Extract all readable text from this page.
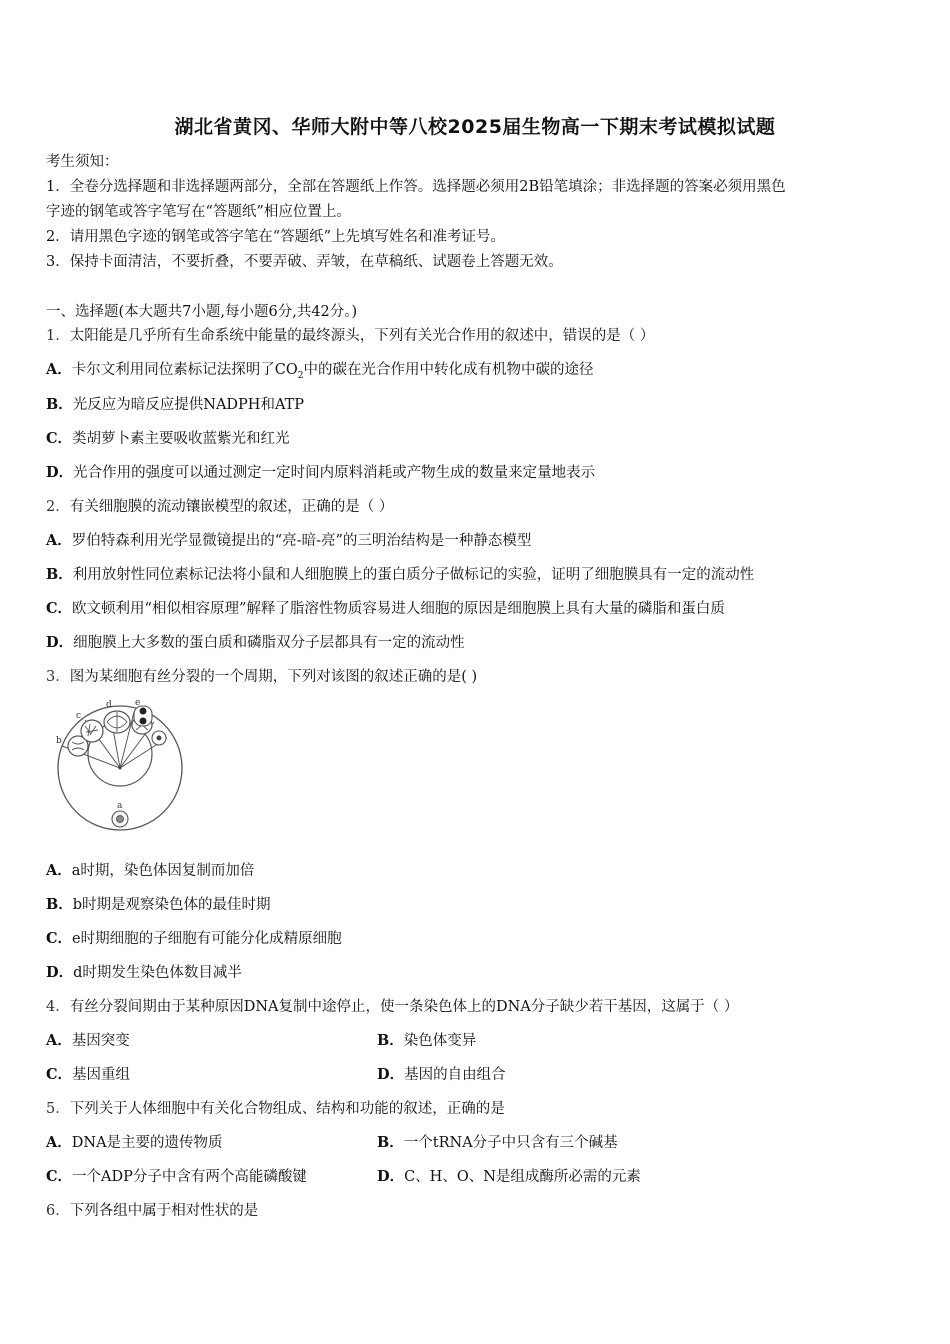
湖北省黄冈、华师大附中等八校2025届生物高一下期末考试模拟试题
考生须知：
1．全卷分选择题和非选择题两部分，全部在答题纸上作答。选择题必须用2B铅笔填涂；非选择题的答案必须用黑色
字迹的钢笔或答字笔写在“答题纸”相应位置上。
2．请用黑色字迹的钢笔或答字笔在“答题纸”上先填写姓名和准考证号。
3．保持卡面清洁，不要折叠，不要弄破、弄皱，在草稿纸、试题卷上答题无效。
一、选择题(本大题共7小题,每小题6分,共42分。)
1．太阳能是几乎所有生命系统中能量的最终源头，下列有关光合作用的叙述中，错误的是（ ）
A．卡尔文利用同位素标记法探明了$CO_2$中的碳在光合作用中转化成有机物中碳的途径
B．光反应为暗反应提供NADPH和ATP
C．类胡萝卜素主要吸收蓝紫光和红光
D．光合作用的强度可以通过测定一定时间内原料消耗或产物生成的数量来定量地表示
2．有关细胞膜的流动镶嵌模型的叙述，正确的是（ ）
A．罗伯特森利用光学显微镜提出的“亮-暗-亮”的三明治结构是一种静态模型
B．利用放射性同位素标记法将小鼠和人细胞膜上的蛋白质分子做标记的实验，证明了细胞膜具有一定的流动性
C．欧文顿利用“相似相容原理”解释了脂溶性物质容易进人细胞的原因是细胞膜上具有大量的磷脂和蛋白质
D．细胞膜上大多数的蛋白质和磷脂双分子层都具有一定的流动性
3．图为某细胞有丝分裂的一个周期，下列对该图的叙述正确的是( )
b
c
d	e
a
A．a时期，染色体因复制而加倍
B．b时期是观察染色体的最佳时期
C．e时期细胞的子细胞有可能分化成精原细胞
D．d时期发生染色体数目减半
4．有丝分裂间期由于某种原因DNA复制中途停止，使一条染色体上的DNA分子缺少若干基因，这属于（ ）
A．基因突变	B．染色体变异
C．基因重组	D．基因的自由组合
5．下列关于人体细胞中有关化合物组成、结构和功能的叙述，正确的是
A．DNA是主要的遗传物质	B．一个tRNA分子中只含有三个碱基
C．一个ADP分子中含有两个高能磷酸键	D．C、H、O、N是组成酶所必需的元素
6．下列各组中属于相对性状的是
